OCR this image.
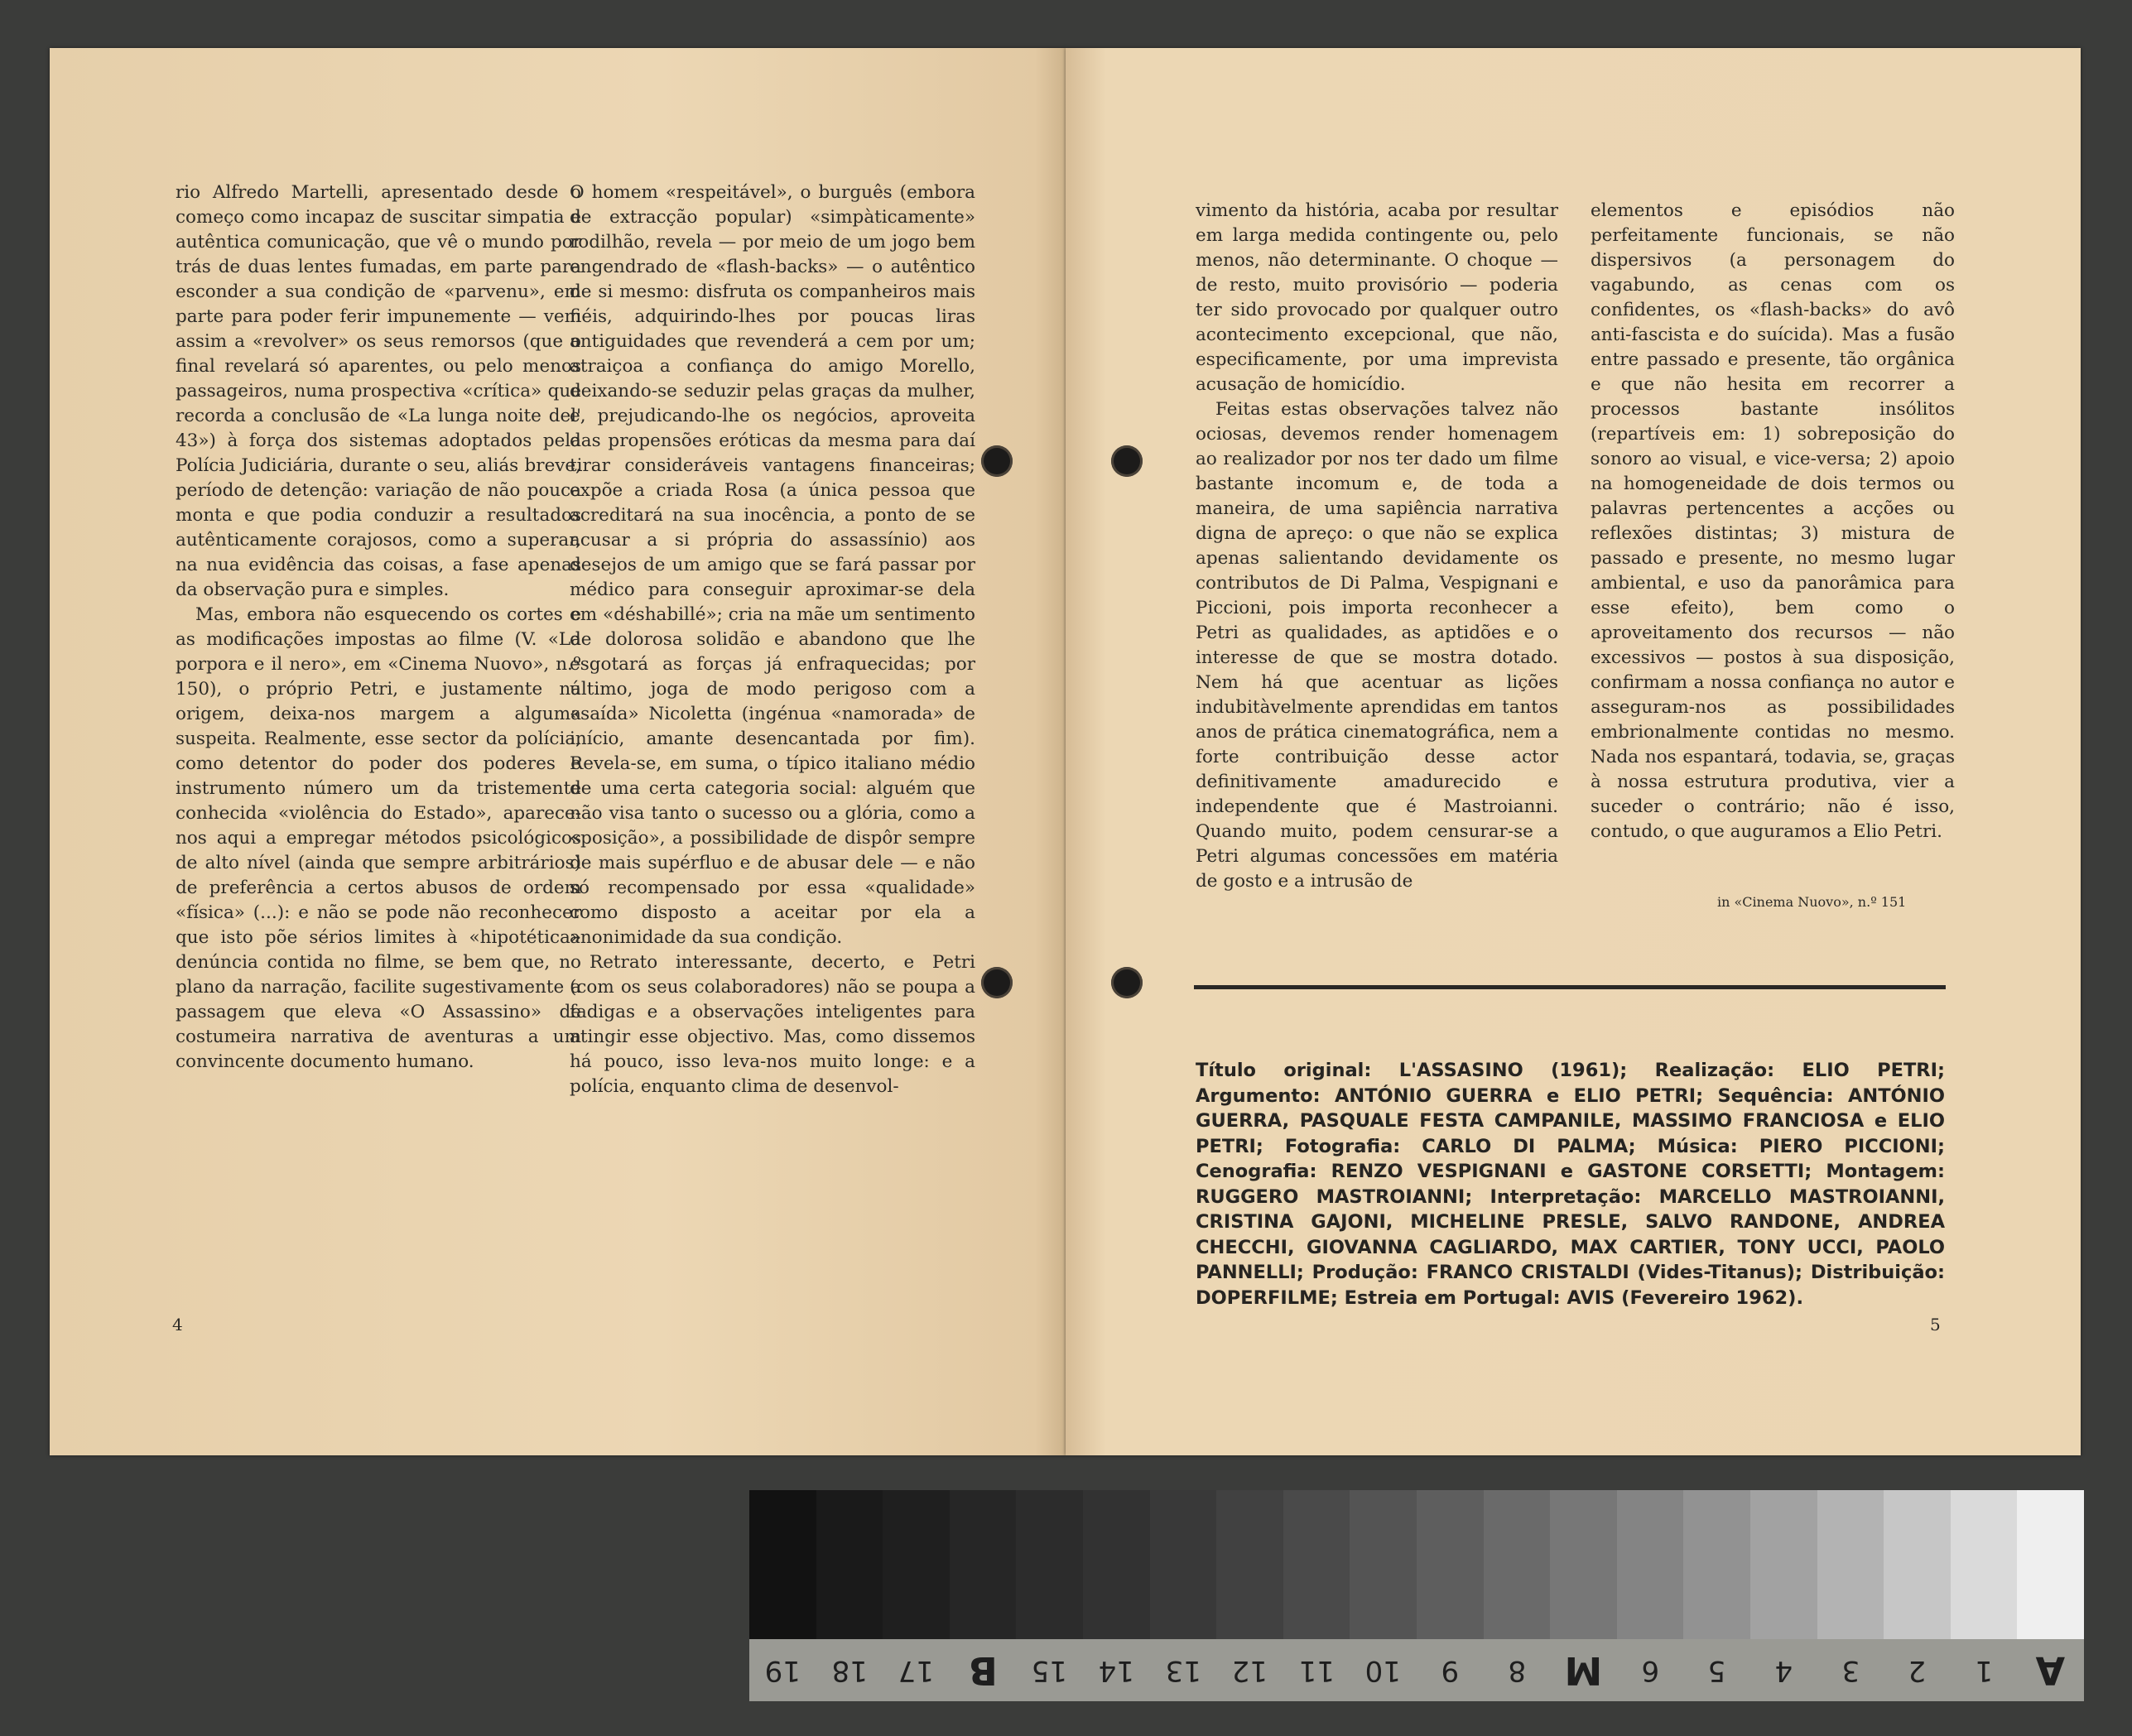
rio Alfredo Martelli, apresentado desde o começo como incapaz de suscitar simpatia e autêntica comunicação, que vê o mundo por trás de duas lentes fumadas, em parte para esconder a sua condição de «parvenu», em parte para poder ferir impunemente — vem assim a «revolver» os seus remorsos (que o final revelará só aparentes, ou pelo menos passageiros, numa prospectiva «crítica» que recorda a conclusão de «La lunga noite del' 43») à força dos sistemas adoptados pela Polícia Judiciária, durante o seu, aliás breve, período de detenção: variação de não pouca monta e que podia conduzir a resultados autênticamente corajosos, como a superar, na nua evidência das coisas, a fase apenas da observação pura e simples.

Mas, embora não esquecendo os cortes e as modificações impostas ao filme (V. «La porpora e il nero», em «Cinema Nuovo», n.º 150), o próprio Petri, e justamente na origem, deixa-nos margem a alguma suspeita. Realmente, esse sector da polícia, como detentor do poder dos poderes e instrumento número um da tristemente conhecida «violência do Estado», aparece-nos aqui a empregar métodos psicológicos de alto nível (ainda que sempre arbitrários) de preferência a certos abusos de ordem «física» (...): e não se pode não reconhecer que isto põe sérios limites à «hipotética» denúncia contida no filme, se bem que, no plano da narração, facilite sugestivamente a passagem que eleva «O Assassino» de costumeira narrativa de aventuras a um convincente documento humano.

O homem «respeitável», o burguês (embora de extracção popular) «simpàticamente» rodilhão, revela — por meio de um jogo bem engendrado de «flash-backs» — o autêntico de si mesmo: disfruta os companheiros mais fiéis, adquirindo-lhes por poucas liras antiguidades que revenderá a cem por um; atraiçoa a confiança do amigo Morello, deixando-se seduzir pelas graças da mulher, e, prejudicando-lhe os negócios, aproveita das propensões eróticas da mesma para daí tirar consideráveis vantagens financeiras; expõe a criada Rosa (a única pessoa que acreditará na sua inocência, a ponto de se acusar a si própria do assassínio) aos desejos de um amigo que se fará passar por médico para conseguir aproximar-se dela em «déshabillé»; cria na mãe um sentimento de dolorosa solidão e abandono que lhe esgotará as forças já enfraquecidas; por último, joga de modo perigoso com a «saída» Nicoletta (ingénua «namorada» de início, amante desencantada por fim). Revela-se, em suma, o típico italiano médio de uma certa categoria social: alguém que não visa tanto o sucesso ou a glória, como a «posição», a possibilidade de dispôr sempre de mais supérfluo e de abusar dele — e não só recompensado por essa «qualidade» como disposto a aceitar por ela a anonimidade da sua condição.

Retrato interessante, decerto, e Petri (com os seus colaboradores) não se poupa a fadigas e a observações inteligentes para atingir esse objectivo. Mas, como dissemos há pouco, isso leva-nos muito longe: e a polícia, enquanto clima de desenvol-

4

vimento da história, acaba por resultar em larga medida contingente ou, pelo menos, não determinante. O choque — de resto, muito provisório — poderia ter sido provocado por qualquer outro acontecimento excepcional, que não, especificamente, por uma imprevista acusação de homicídio.

Feitas estas observações talvez não ociosas, devemos render homenagem ao realizador por nos ter dado um filme bastante incomum e, de toda a maneira, de uma sapiência narrativa digna de apreço: o que não se explica apenas salientando devidamente os contributos de Di Palma, Vespignani e Piccioni, pois importa reconhecer a Petri as qualidades, as aptidões e o interesse de que se mostra dotado. Nem há que acentuar as lições indubitàvelmente aprendidas em tantos anos de prática cinematográfica, nem a forte contribuição desse actor definitivamente amadurecido e independente que é Mastroianni. Quando muito, podem censurar-se a Petri algumas concessões em matéria de gosto e a intrusão de

elementos e episódios não perfeitamente funcionais, se não dispersivos (a personagem do vagabundo, as cenas com os confidentes, os «flash-backs» do avô anti-fascista e do suícida). Mas a fusão entre passado e presente, tão orgânica e que não hesita em recorrer a processos bastante insólitos (repartíveis em: 1) sobreposição do sonoro ao visual, e vice-versa; 2) apoio na homogeneidade de dois termos ou palavras pertencentes a acções ou reflexões distintas; 3) mistura de passado e presente, no mesmo lugar ambiental, e uso da panorâmica para esse efeito), bem como o aproveitamento dos recursos — não excessivos — postos à sua disposição, confirmam a nossa confiança no autor e asseguram-nos as possibilidades embrionalmente contidas no mesmo. Nada nos espantará, todavia, se, graças à nossa estrutura produtiva, vier a suceder o contrário; não é isso, contudo, o que auguramos a Elio Petri.

in «Cinema Nuovo», n.º 151
Título original: L'ASSASINO (1961); Realização: ELIO PETRI; Argumento: ANTÓNIO GUERRA e ELIO PETRI; Sequência: ANTÓNIO GUERRA, PASQUALE FESTA CAMPANILE, MASSIMO FRANCIOSA e ELIO PETRI; Fotografia: CARLO DI PALMA; Música: PIERO PICCIONI; Cenografia: RENZO VESPIGNANI e GASTONE CORSETTI; Montagem: RUGGERO MASTROIANNI; Interpretação: MARCELLO MASTROIANNI, CRISTINA GAJONI, MICHELINE PRESLE, SALVO RANDONE, ANDREA CHECCHI, GIOVANNA CAGLIARDO, MAX CARTIER, TONY UCCI, PAOLO PANNELLI; Produção: FRANCO CRISTALDI (Vides-Titanus); Distribuição: DOPERFILME; Estreia em Portugal: AVIS (Fevereiro 1962).
5
19	18	17 B	15	14	13	12	11	10	9	8	M	6	5	4	3	2	1	A
